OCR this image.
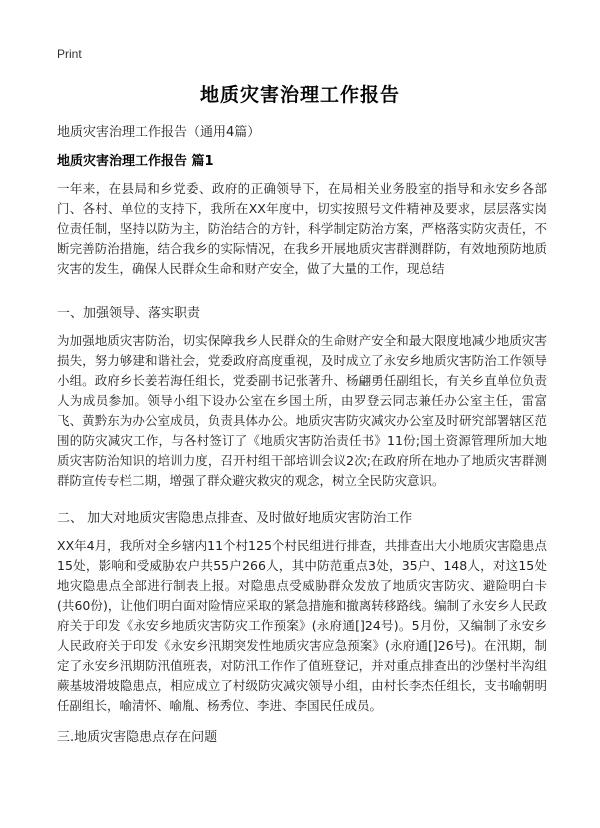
Print
地质灾害治理工作报告
地质灾害治理工作报告（通用4篇）
地质灾害治理工作报告 篇1

一年来，在县局和乡党委、政府的正确领导下，在局相关业务股室的指导和永安乡各部门、各村、单位的支持下，我所在XX年度中，切实按照号文件精神及要求，层层落实岗位责任制，坚持以防为主，防治结合的方针，科学制定防治方案，严格落实防灾责任，不断完善防治措施，结合我乡的实际情况，在我乡开展地质灾害群测群防，有效地预防地质灾害的发生，确保人民群众生命和财产安全，做了大量的工作，现总结

一、加强领导、落实职责

为加强地质灾害防治，切实保障我乡人民群众的生命财产安全和最大限度地减少地质灾害损失，努力够建和谐社会，党委政府高度重视，及时成立了永安乡地质灾害防治工作领导小组。政府乡长姜若海任组长，党委副书记张著升、杨翩勇任副组长，有关乡直单位负责人为成员参加。领导小组下设办公室在乡国土所，由罗登云同志兼任办公室主任，雷富飞、黄黔东为办公室成员，负责具体办公。地质灾害防灾减灾办公室及时研究部署辖区范围的防灾减灾工作，与各村签订了《地质灾害防治责任书》11份;国土资源管理所加大地质灾害防治知识的培训力度，召开村组干部培训会议2次;在政府所在地办了地质灾害群测群防宣传专栏二期，增强了群众避灾救灾的观念，树立全民防灾意识。

二、 加大对地质灾害隐患点排查、及时做好地质灾害防治工作

XX年4月，我所对全乡辖内11个村125个村民组进行排查，共排查出大小地质灾害隐患点15处，影响和受威胁农户共55户266人，其中防范重点3处，35户、148人，对这15处地灾隐患点全部进行制表上报。对隐患点受威胁群众发放了地质灾害防灾、避险明白卡(共60份)，让他们明白面对险情应采取的紧急措施和撤离转移路线。编制了永安乡人民政府关于印发《永安乡地质灾害防灾工作预案》(永府通[]24号)。5月份，又编制了永安乡人民政府关于印发《永安乡汛期突发性地质灾害应急预案》(永府通[]26号)。在汛期，制定了永安乡汛期防汛值班表，对防汛工作作了值班登记，并对重点排查出的沙堡村半沟组蕨基坡滑坡隐患点，相应成立了村级防灾减灾领导小组，由村长李杰任组长，支书喻朝明任副组长，喻清怀、喻胤、杨秀位、李进、李国民任成员。

三.地质灾害隐患点存在问题
